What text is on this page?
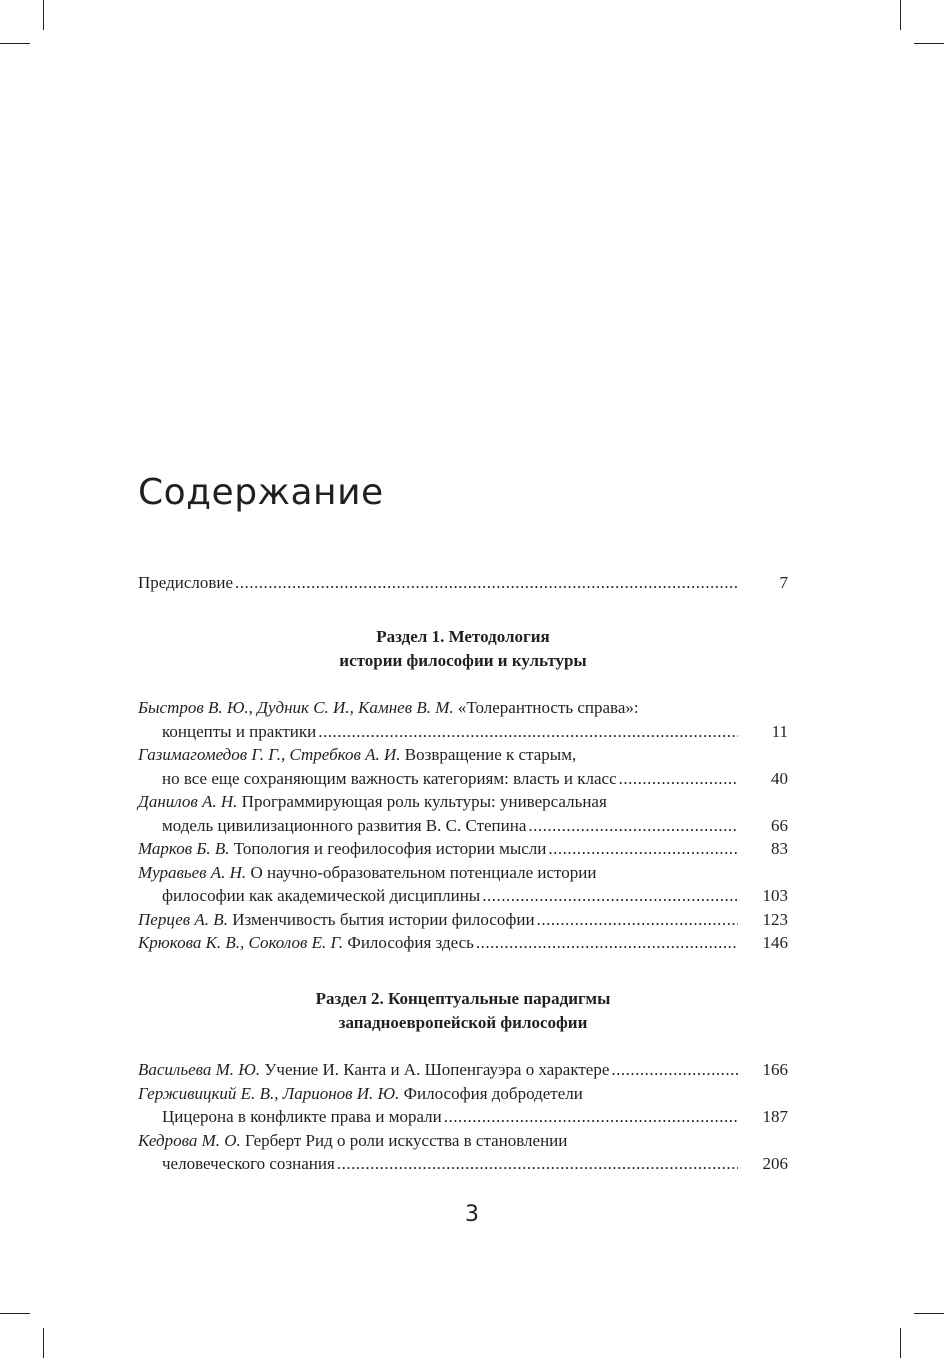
Содержание
Предисловие .....	7
Раздел 1. Методология
истории философии и культуры
Быстров В. Ю., Дудник С. И., Камнев В. М. «Толерантность справа»:
концепты и практики .....	11
Газимагомедов Г. Г., Стребков А. И. Возвращение к старым,
но все еще сохраняющим важность категориям: власть и класс .....	40
Данилов А. Н. Программирующая роль культуры: универсальная
модель цивилизационного развития В. С. Степина .....	66
Марков Б. В. Топология и геофилософия истории мысли .....	83
Муравьев А. Н. О научно-образовательном потенциале истории
философии как академической дисциплины .....	103
Перцев А. В. Изменчивость бытия истории философии .....	123
Крюкова К. В., Соколов Е. Г. Философия здесь .....	146
Раздел 2. Концептуальные парадигмы
западноевропейской философии
Васильева М. Ю. Учение И. Канта и А. Шопенгауэра о характере .....	166
Герживицкий Е. В., Ларионов И. Ю. Философия добродетели
Цицерона в конфликте права и морали .....	187
Кедрова М. О. Герберт Рид о роли искусства в становлении
человеческого сознания .....	206
3
